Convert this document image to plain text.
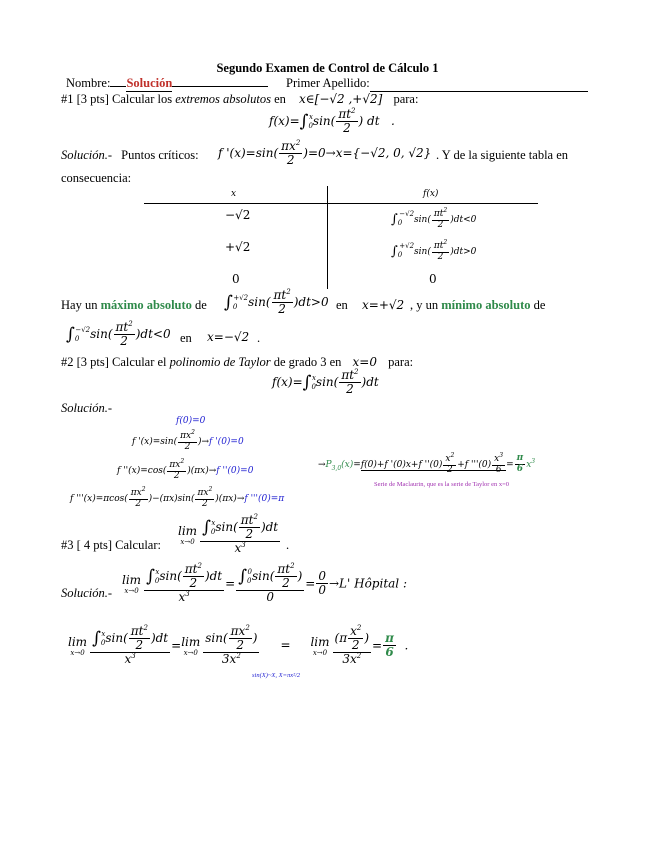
Segundo Examen de Control de Cálculo 1
Nombre: Solución	Primer Apellido:
#1 [3 pts] Calcular los extremos absolutos en x∈[−√2 ,+√2] para:
$f(x)=\int_0^x\sin( \frac{\pi t^2}{2}$ ) dt   .
Solución.- Puntos críticos: f '$(x)=\sin( \frac{\pi x^2}{2} )=0\to x=\{-√2$, 0, √2} . Y de la siguiente tabla en
consecuencia:
x	f(x)
−√2	$\int_0^{-√2}\sin( \frac{\pi t^2}{2} )dt<0$
+√2	$\int_0^{+√2}\sin( \frac{\pi t^2}{2} )dt>0$
0	0
Hay un máximo absoluto de $\int_0^{+√2}\sin( \frac{\pi t^2}{2} )dt>0$ en x=+√2 , y un mínimo absoluto de
$\int_0^{-√2}\sin( \frac{\pi t^2}{2} )dt<0$ en x=−√2 .
#2 [3 pts] Calcular el polinomio de Taylor de grado 3 en x=0 para:
$f(x)=\int_0^x\sin( \frac{\pi t^2}{2} )dt$
Solución.-
f(0)=0
f '$(x)=\sin( \frac{\pi x^2}{2} )\to f$ '(0)=0
f ''$(x)=\cos( \frac{\pi x^2}{2} )(\pi x)\to f$ ''(0)=0
f '''$(x)=\pi\cos( \frac{\pi x^2}{2} )-(\pi x)\sin( \frac{\pi x^2}{2} )(\pi x)\to f$ '''(0)=π
$\to P_{3,0}(x)=f(0)+f$ '(0)x+f ''$(0) \frac{x^2}{2} +f$ '''$(0) \frac{x^3}{6} = \frac{\pi}{6} x^3$
Serie de Maclaurin, que es la serie de Taylor en x=0
#3 [ 4 pts] Calcular:
lim
$x\to 0 \frac{\int_0^x\sin( \frac{\pi t^2}{2} )dt}{x^3}$ .
Solución.-
lim
$x\to 0 \frac{\int_0^x\sin( \frac{\pi t^2}{2} )dt}{x^3} = \frac{\int_0^0\sin( \frac{\pi t^2}{2} )}{0} = \frac{0}{0} \to L'$ Hôpital :
lim
$x\to 0 \frac{\int_0^x\sin( \frac{\pi t^2}{2} )dt}{x^3} = \lim$
$x\to 0 \frac{\sin( \frac{\pi x^2}{2} )}{3x^2} = \lim$
$x\to 0 \frac{(\pi \frac{x^2}{2} )}{3x^2} = \frac{\pi}{6}$ .
sin(X)~X, X=πx²/2
